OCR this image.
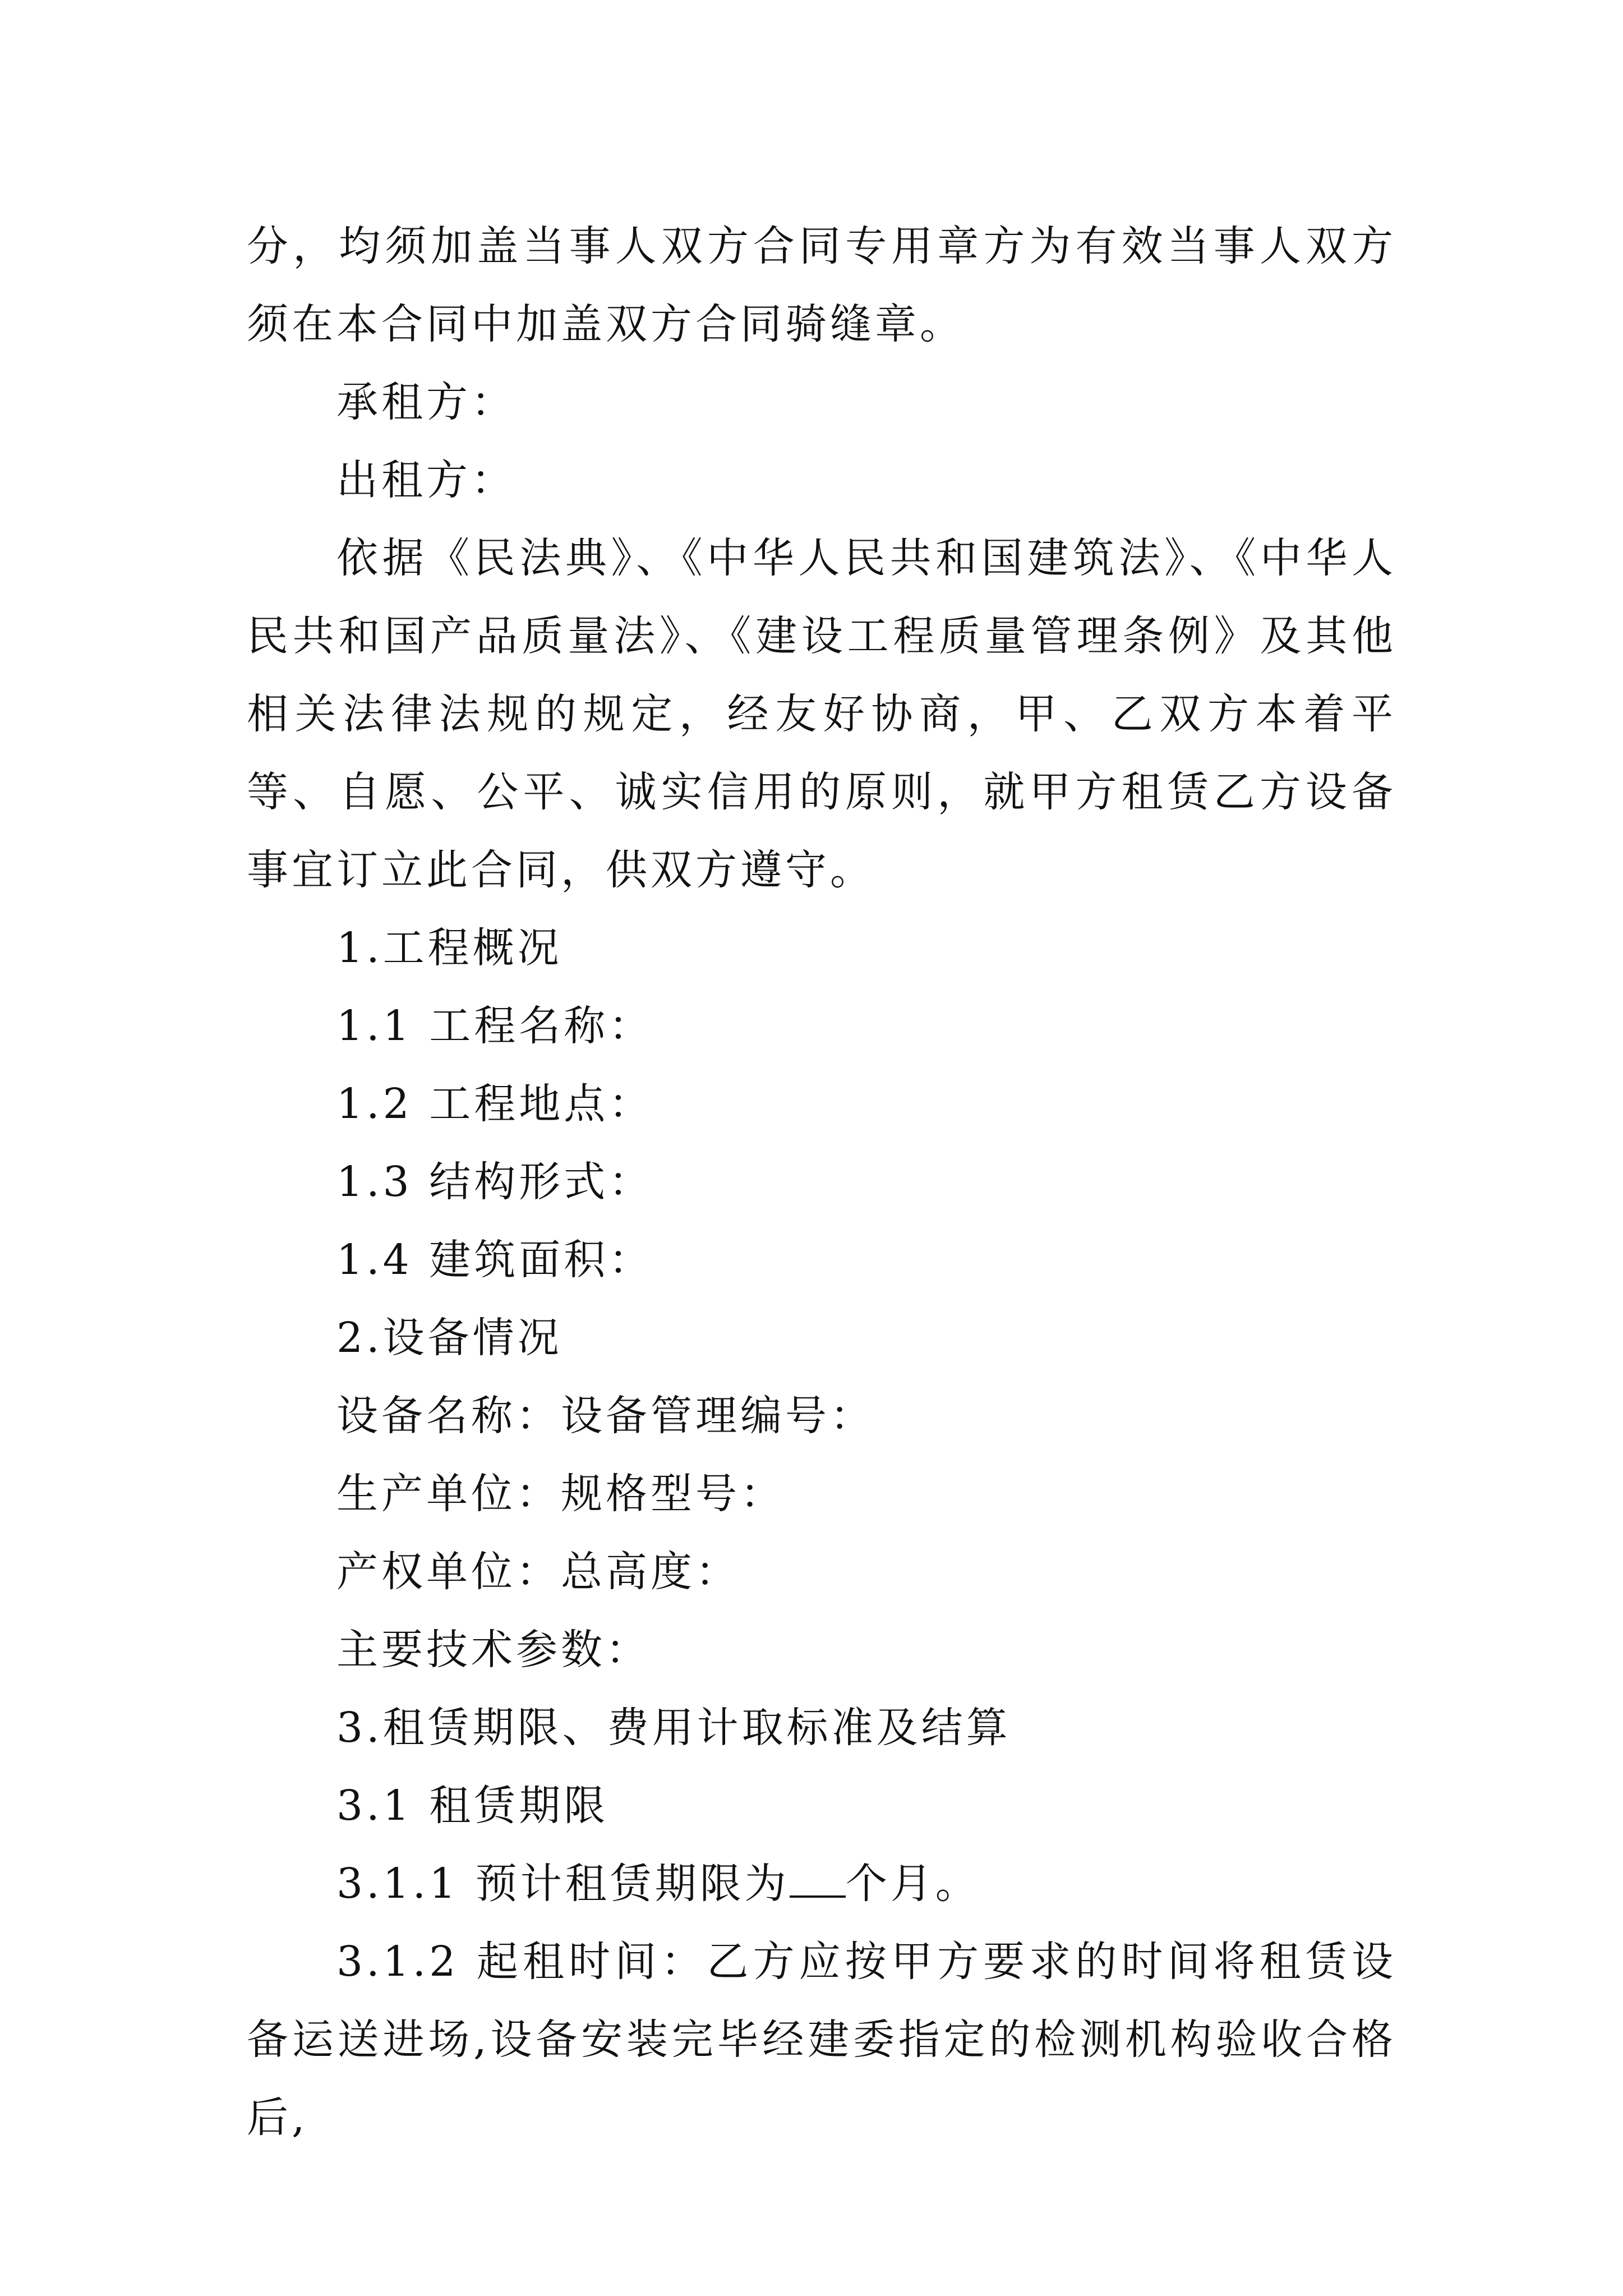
分，均须加盖当事人双方合同专用章方为有效当事人双方须在本合同中加盖双方合同骑缝章。

承租方：

出租方：

依据《民法典》、《中华人民共和国建筑法》、《中华人民共和国产品质量法》、《建设工程质量管理条例》及其他相关法律法规的规定，经友好协商，甲、乙双方本着平等、自愿、公平、诚实信用的原则，就甲方租赁乙方设备事宜订立此合同，供双方遵守。

1.工程概况

1.1 工程名称：

1.2 工程地点：

1.3 结构形式：

1.4 建筑面积：

2.设备情况

设备名称：设备管理编号：

生产单位：规格型号：

产权单位：总高度：

主要技术参数：

3.租赁期限、费用计取标准及结算

3.1 租赁期限

3.1.1 预计租赁期限为 个月。

3.1.2 起租时间：乙方应按甲方要求的时间将租赁设备运送进场,设备安装完毕经建委指定的检测机构验收合格后,
